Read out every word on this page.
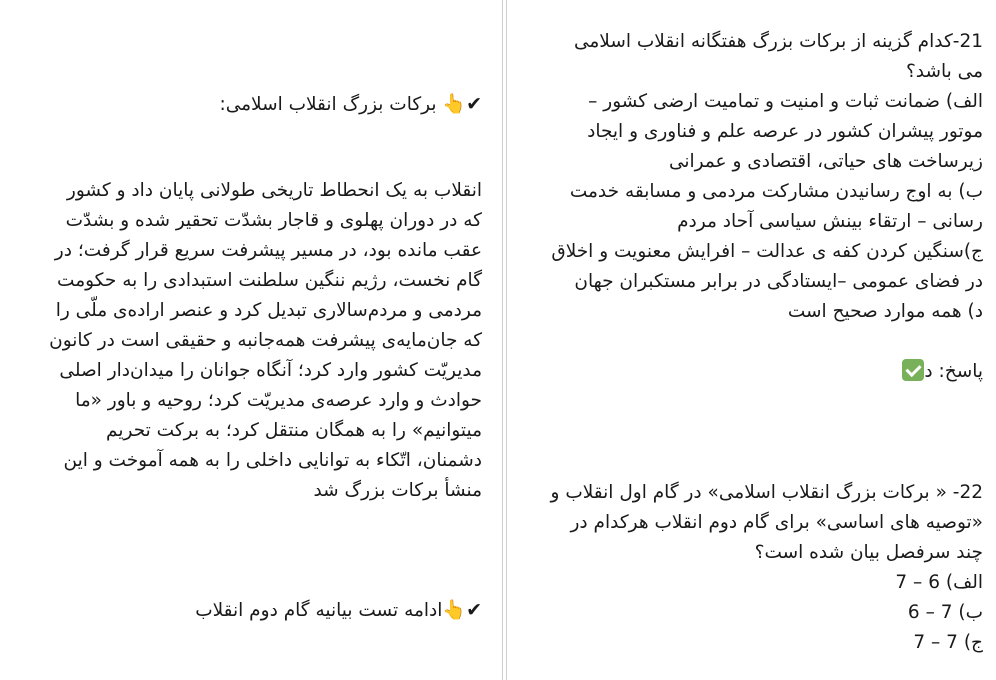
✔👆 برکات بزرگ انقلاب اسلامی:
انقلاب به یک انحطاط تاریخی طولانی پایان داد و کشور
که در دوران پهلوی و قاجار بشدّت تحقیر شده و بشدّت
عقب مانده بود، در مسیر پیشرفت سریع قرار گرفت؛ در
گام نخست، رژیم ننگین سلطنت استبدادی را به حکومت
مردمی و مردم‌سالاری تبدیل کرد و عنصر اراده‌ی ملّی را
که جان‌مایه‌ی پیشرفت همه‌جانبه و حقیقی است در کانون
مدیریّت کشور وارد کرد؛ آنگاه جوانان را میدان‌دار اصلی
حوادث و وارد عرصه‌ی مدیریّت کرد؛ روحیه و باور «ما
میتوانیم» را به همگان منتقل کرد؛ به برکت تحریم
دشمنان، اتّکاء به توانایی داخلی را به همه آموخت و این
منشأ برکات بزرگ شد
✔👆ادامه تست بیانیه گام دوم انقلاب
21-کدام گزینه از برکات بزرگ هفتگانه انقلاب اسلامی
می باشد؟
الف) ضمانت ثبات و امنیت و تمامیت ارضی کشور –
موتور پیشران کشور در عرصه علم و فناوری و ایجاد
زیرساخت های حیاتی، اقتصادی و عمرانی
ب) به اوج رسانیدن مشارکت مردمی و مسابقه خدمت
رسانی – ارتقاء بینش سیاسی آحاد مردم
ج)سنگین کردن کفه ی عدالت – افرایش معنویت و اخلاق
در فضای عمومی –ایستادگی در برابر مستکبران جهان
د) همه موارد صحیح است
پاسخ: د
22- « برکات بزرگ انقلاب اسلامی» در گام اول انقلاب و
«توصیه های اساسی» برای گام دوم انقلاب هرکدام در
چند سرفصل بیان شده است؟
الف) 6 – 7
ب) 7 – 6
ج) 7 – 7
